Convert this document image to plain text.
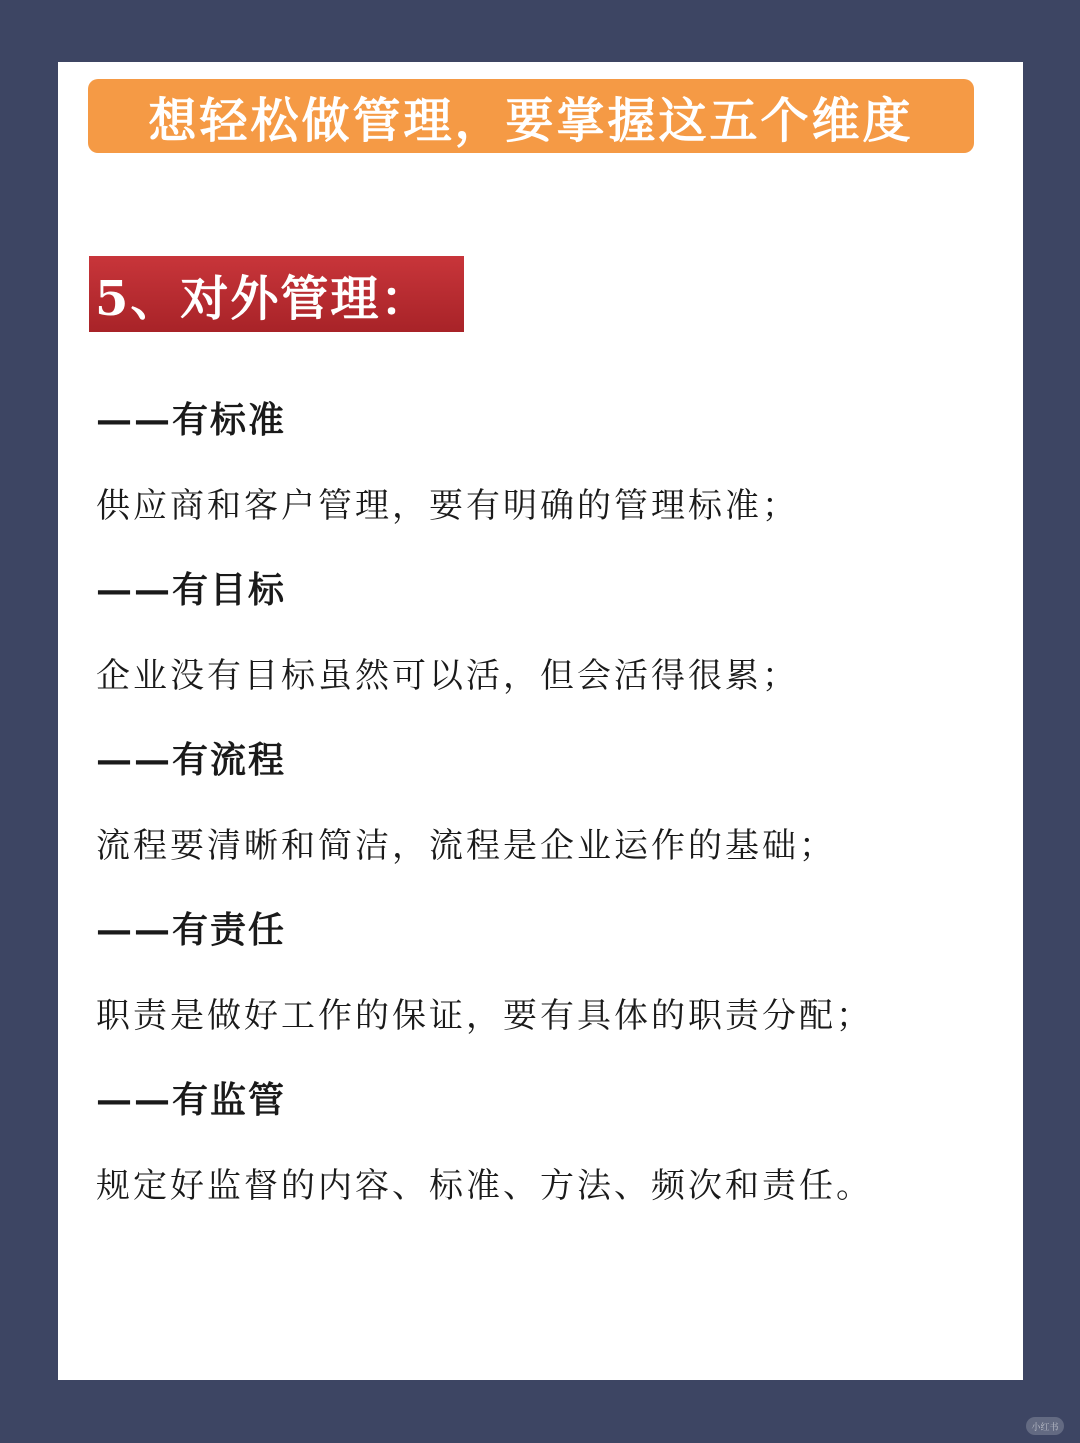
想轻松做管理，要掌握这五个维度
5、对外管理：
——有标准
供应商和客户管理，要有明确的管理标准；
——有目标
企业没有目标虽然可以活，但会活得很累；
——有流程
流程要清晰和简洁，流程是企业运作的基础；
——有责任
职责是做好工作的保证，要有具体的职责分配；
——有监管
规定好监督的内容、标准、方法、频次和责任。
小红书
